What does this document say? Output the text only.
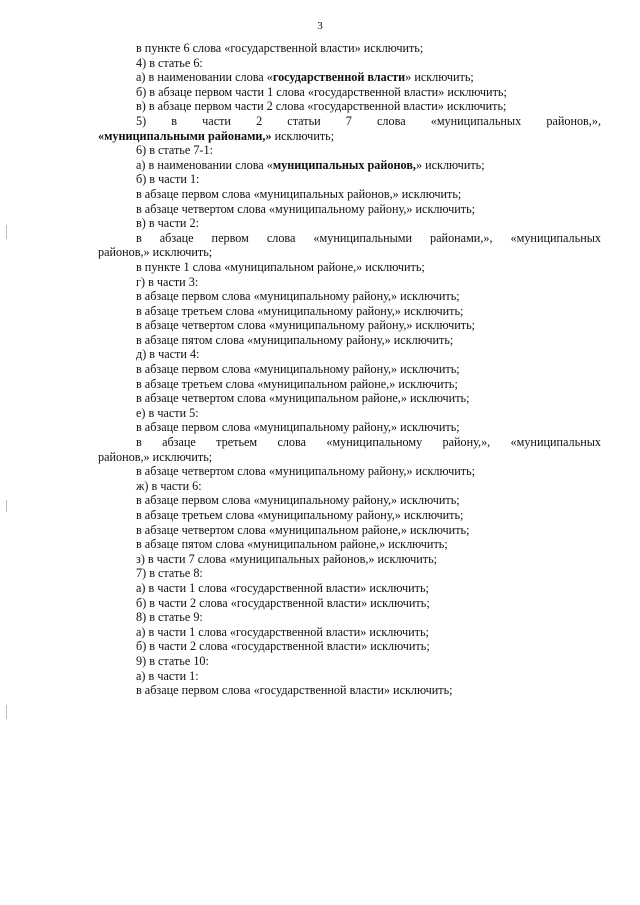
3
в пункте 6 слова «государственной власти» исключить;
4) в статье 6:
а) в наименовании слова «государственной власти» исключить;
б) в абзаце первом части 1 слова «государственной власти» исключить;
в) в абзаце первом части 2 слова «государственной власти» исключить;
5) в части 2 статьи 7 слова «муниципальных районов,»,
«муниципальными районами,» исключить;
6) в статье 7-1:
а) в наименовании слова «муниципальных районов,» исключить;
б) в части 1:
в абзаце первом слова «муниципальных районов,» исключить;
в абзаце четвертом слова «муниципальному району,» исключить;
в) в части 2:
в абзаце первом слова «муниципальными районами,», «муниципальных
районов,» исключить;
в пункте 1 слова «муниципальном районе,» исключить;
г) в части 3:
в абзаце первом слова «муниципальному району,» исключить;
в абзаце третьем слова «муниципальному району,» исключить;
в абзаце четвертом слова «муниципальному району,» исключить;
в абзаце пятом слова «муниципальному району,» исключить;
д) в части 4:
в абзаце первом слова «муниципальному району,» исключить;
в абзаце третьем слова «муниципальном районе,» исключить;
в абзаце четвертом слова «муниципальном районе,» исключить;
е) в части 5:
в абзаце первом слова «муниципальному району,» исключить;
в абзаце третьем слова «муниципальному району,», «муниципальных
районов,» исключить;
в абзаце четвертом слова «муниципальному району,» исключить;
ж) в части 6:
в абзаце первом слова «муниципальному району,» исключить;
в абзаце третьем слова «муниципальному району,» исключить;
в абзаце четвертом слова «муниципальном районе,» исключить;
в абзаце пятом слова «муниципальном районе,» исключить;
з) в части 7 слова «муниципальных районов,» исключить;
7) в статье 8:
а) в части 1 слова «государственной власти» исключить;
б) в части 2 слова «государственной власти» исключить;
8) в статье 9:
а) в части 1 слова «государственной власти» исключить;
б) в части 2 слова «государственной власти» исключить;
9) в статье 10:
а) в части 1:
в абзаце первом слова «государственной власти» исключить;
